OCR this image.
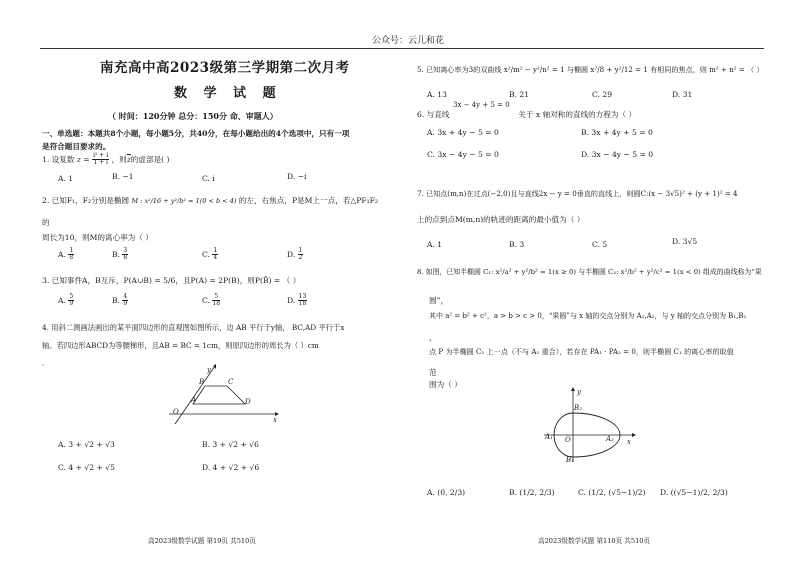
公众号：云儿和花
南充高中高2023级第三学期第二次月考
数 学 试 题
（ 时间：120分钟 总分：150分 命、审题人）
一、单选题：本题共8个小题，每小题5分，共40分，在每小题给出的4个选项中，只有一项
是符合题目要求的。
1. 设复数 $z = \frac{\text{i² + i}}{1 + i}$ ，则$\overline{z}$的虚部是( )
A. 1	B. −1	C. i	D. −i
2. 已知F₁，F₂分别是椭圆 M : x²/16 + y²/b² = 1(0 < b < 4) 的左，右焦点，P是M上一点，若△PF₁F₂
的
周长为10，则M的离心率为（ ）
A. $\frac{1}{8}$	B. $\frac{3}{8}$	C. $\frac{1}{4}$	D. $\frac{1}{2}$
3. 已知事件A，B互斥，P(A∪B) = 5/6，且P(A) = 2P(B)，则P(B̄) = （ ）
A. $\frac{5}{9}$	B. $\frac{4}{9}$	C. $\frac{5}{18}$	D. $\frac{13}{18}$
4. 用斜二测画法画出的某平面四边形的直观图如图所示，边 AB 平行于y轴， BC,AD 平行于x
轴。若四边形ABCD为等腰梯形，且AB = BC = 1cm，则原四边形的周长为（ ）cm
．
y
B	C
A	D
O
x
A. 3 + √2 + √3	B. 3 + √2 + √6
C. 4 + √2 + √5	D. 4 + √2 + √6
5. 已知离心率为3的双曲线 x²/m² − y²/n² = 1 与椭圆 x²/8 + y²/12 = 1 有相同的焦点，则 m² + n² = （ ）
A. 13	B. 21	C. 29	D. 31
3x − 4y + 5 = 0
6. 与直线	关于 x 轴对称的直线的方程为（ ）
A. 3x + 4y − 5 = 0	B. 3x + 4y + 5 = 0
C. 3x − 4y − 5 = 0	D. 3x − 4y − 5 = 0
7. 已知点(m,n)在过点(−2,0)且与直线2x − y = 0垂直的直线上，则圆C:(x − 3√5)² + (y + 1)² = 4
上的点到点M(m,n)的轨迹的距离的最小值为（ ）
A. 1	B. 3	C. 5	D. 3√5
8. 如图，已知半椭圆 C₁: x²/a² + y²/b² = 1(x ≥ 0) 与半椭圆 C₂: x²/b² + y²/c² = 1(x < 0) 组成的曲线称为“果
圆”，
其中 a² = b² + c²，a > b > c > 0，“果圆”与 x 轴的交点分别为 A₁,A₂，与 y 轴的交点分别为 B₁,B₂
，
点 P 为半椭圆 C₂ 上一点（不与 A₁ 重合），若存在 PA₁ · PA₂ = 0，则半椭圆 C₁ 的离心率的取值
范
围为（ ）
y
B₂
A₁ O	A₂ x
B₁
A. (0, 2/3)	B. (1/2, 2/3)	C. (1/2, (√5−1)/2) D. ((√5−1)/2, 2/3)
高2023级数学试题 第19页 共510页	高2023级数学试题 第110页 共510页
